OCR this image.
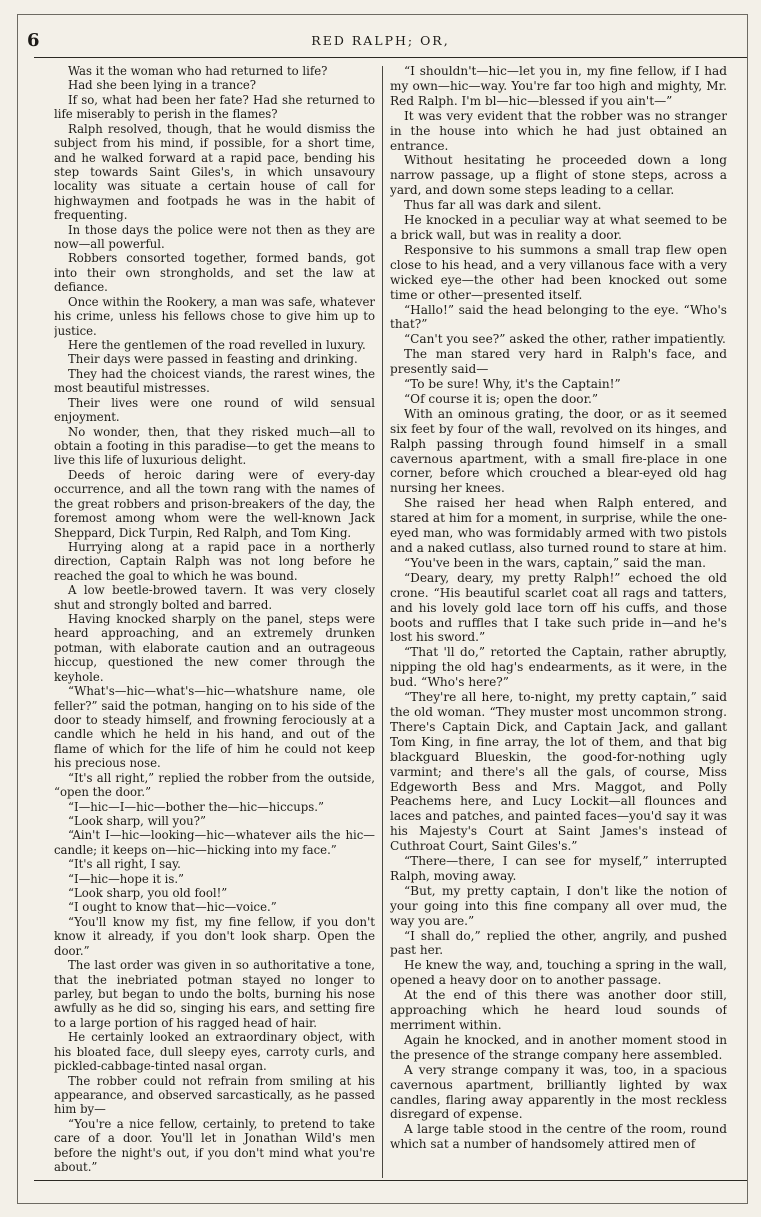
6	RED RALPH; OR,

Was it the woman who had returned to life?

Had she been lying in a trance?

If so, what had been her fate? Had she returned to life miserably to perish in the flames?

Ralph resolved, though, that he would dismiss the subject from his mind, if possible, for a short time, and he walked forward at a rapid pace, bending his step towards Saint Giles's, in which unsavoury locality was situate a certain house of call for highwaymen and footpads he was in the habit of frequenting.

In those days the police were not then as they are now—all powerful.

Robbers consorted together, formed bands, got into their own strongholds, and set the law at defiance.

Once within the Rookery, a man was safe, whatever his crime, unless his fellows chose to give him up to justice.

Here the gentlemen of the road revelled in luxury.

Their days were passed in feasting and drinking.

They had the choicest viands, the rarest wines, the most beautiful mistresses.

Their lives were one round of wild sensual enjoyment.

No wonder, then, that they risked much—all to obtain a footing in this paradise—to get the means to live this life of luxurious delight.

Deeds of heroic daring were of every-day occurrence, and all the town rang with the names of the great robbers and prison-breakers of the day, the foremost among whom were the well-known Jack Sheppard, Dick Turpin, Red Ralph, and Tom King.

Hurrying along at a rapid pace in a northerly direction, Captain Ralph was not long before he reached the goal to which he was bound.

A low beetle-browed tavern. It was very closely shut and strongly bolted and barred.

Having knocked sharply on the panel, steps were heard approaching, and an extremely drunken potman, with elaborate caution and an outrageous hiccup, questioned the new comer through the keyhole.

“What's—hic—what's—hic—whatshure name, ole feller?” said the potman, hanging on to his side of the door to steady himself, and frowning ferociously at a candle which he held in his hand, and out of the flame of which for the life of him he could not keep his precious nose.

“It's all right,” replied the robber from the outside, “open the door.”

“I—hic—I—hic—bother the—hic—hiccups.”

“Look sharp, will you?”

“Ain't I—hic—looking—hic—whatever ails the hic—candle; it keeps on—hic—hicking into my face.”

“It's all right, I say.

“I—hic—hope it is.”

“Look sharp, you old fool!”

“I ought to know that—hic—voice.”

“You'll know my fist, my fine fellow, if you don't know it already, if you don't look sharp. Open the door.”

The last order was given in so authoritative a tone, that the inebriated potman stayed no longer to parley, but began to undo the bolts, burning his nose awfully as he did so, singing his ears, and setting fire to a large portion of his ragged head of hair.

He certainly looked an extraordinary object, with his bloated face, dull sleepy eyes, carroty curls, and pickled-cabbage-tinted nasal organ.

The robber could not refrain from smiling at his appearance, and observed sarcastically, as he passed him by—

“You're a nice fellow, certainly, to pretend to take care of a door. You'll let in Jonathan Wild's men before the night's out, if you don't mind what you're about.”

“I shouldn't—hic—let you in, my fine fellow, if I had my own—hic—way. You're far too high and mighty, Mr. Red Ralph. I'm bl—hic—blessed if you ain't—”

It was very evident that the robber was no stranger in the house into which he had just obtained an entrance.

Without hesitating he proceeded down a long narrow passage, up a flight of stone steps, across a yard, and down some steps leading to a cellar.

Thus far all was dark and silent.

He knocked in a peculiar way at what seemed to be a brick wall, but was in reality a door.

Responsive to his summons a small trap flew open close to his head, and a very villanous face with a very wicked eye—the other had been knocked out some time or other—presented itself.

“Hallo!” said the head belonging to the eye. “Who's that?”

“Can't you see?” asked the other, rather impatiently.

The man stared very hard in Ralph's face, and presently said—

“To be sure! Why, it's the Captain!”

“Of course it is; open the door.”

With an ominous grating, the door, or as it seemed six feet by four of the wall, revolved on its hinges, and Ralph passing through found himself in a small cavernous apartment, with a small fire-place in one corner, before which crouched a blear-eyed old hag nursing her knees.

She raised her head when Ralph entered, and stared at him for a moment, in surprise, while the one-eyed man, who was formidably armed with two pistols and a naked cutlass, also turned round to stare at him.

“You've been in the wars, captain,” said the man.

“Deary, deary, my pretty Ralph!” echoed the old crone. “His beautiful scarlet coat all rags and tatters, and his lovely gold lace torn off his cuffs, and those boots and ruffles that I take such pride in—and he's lost his sword.”

“That 'll do,” retorted the Captain, rather abruptly, nipping the old hag's endearments, as it were, in the bud. “Who's here?”

“They're all here, to-night, my pretty captain,” said the old woman. “They muster most uncommon strong. There's Captain Dick, and Captain Jack, and gallant Tom King, in fine array, the lot of them, and that big blackguard Blueskin, the good-for-nothing ugly varmint; and there's all the gals, of course, Miss Edgeworth Bess and Mrs. Maggot, and Polly Peachems here, and Lucy Lockit—all flounces and laces and patches, and painted faces—you'd say it was his Majesty's Court at Saint James's instead of Cuthroat Court, Saint Giles's.”

“There—there, I can see for myself,” interrupted Ralph, moving away.

“But, my pretty captain, I don't like the notion of your going into this fine company all over mud, the way you are.”

“I shall do,” replied the other, angrily, and pushed past her.

He knew the way, and, touching a spring in the wall, opened a heavy door on to another passage.

At the end of this there was another door still, approaching which he heard loud sounds of merriment within.

Again he knocked, and in another moment stood in the presence of the strange company here assembled.

A very strange company it was, too, in a spacious cavernous apartment, brilliantly lighted by wax candles, flaring away apparently in the most reckless disregard of expense.

A large table stood in the centre of the room, round which sat a number of handsomely attired men of
